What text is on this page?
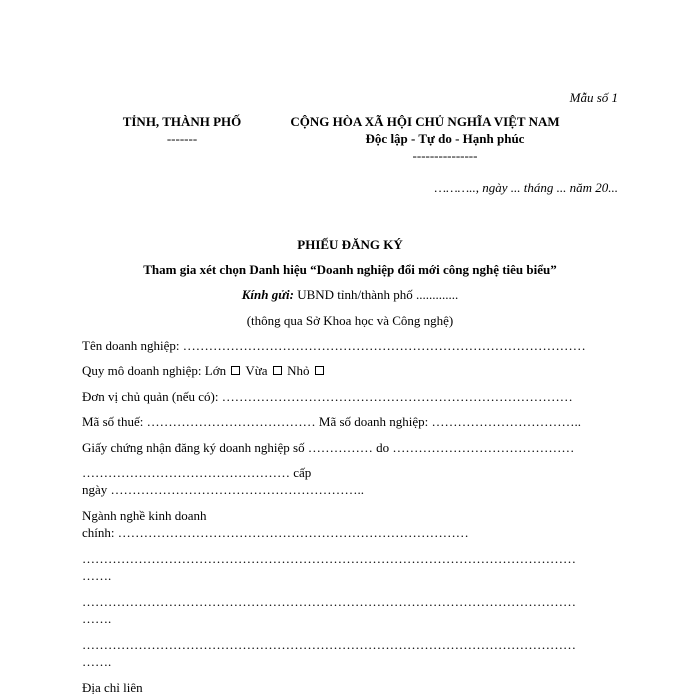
Mẫu số 1
TỈNH, THÀNH PHỐ
-------
CỘNG HÒA XÃ HỘI CHỦ NGHĨA VIỆT NAM
Độc lập - Tự do - Hạnh phúc
---------------
……….., ngày ... tháng ... năm 20...
PHIẾU ĐĂNG KÝ
Tham gia xét chọn Danh hiệu “Doanh nghiệp đổi mới công nghệ tiêu biểu”
Kính gửi: UBND tỉnh/thành phố .............
(thông qua Sở Khoa học và Công nghệ)
Tên doanh nghiệp: …………………………………………………………………………………
Quy mô doanh nghiệp: Lớn Vừa Nhỏ
Đơn vị chủ quản (nếu có): ………………………………………………………………………
Mã số thuế: ………………………………… Mã số doanh nghiệp: ……………………………..
Giấy chứng nhận đăng ký doanh nghiệp số …………… do ……………………………………
………………………………………… cấp
ngày …………………………………………………..
Ngành nghề kinh doanh
chính: ………………………………………………………………………
……………………………………………………………………………………………………
…….
……………………………………………………………………………………………………
…….
……………………………………………………………………………………………………
…….
Địa chỉ liên
